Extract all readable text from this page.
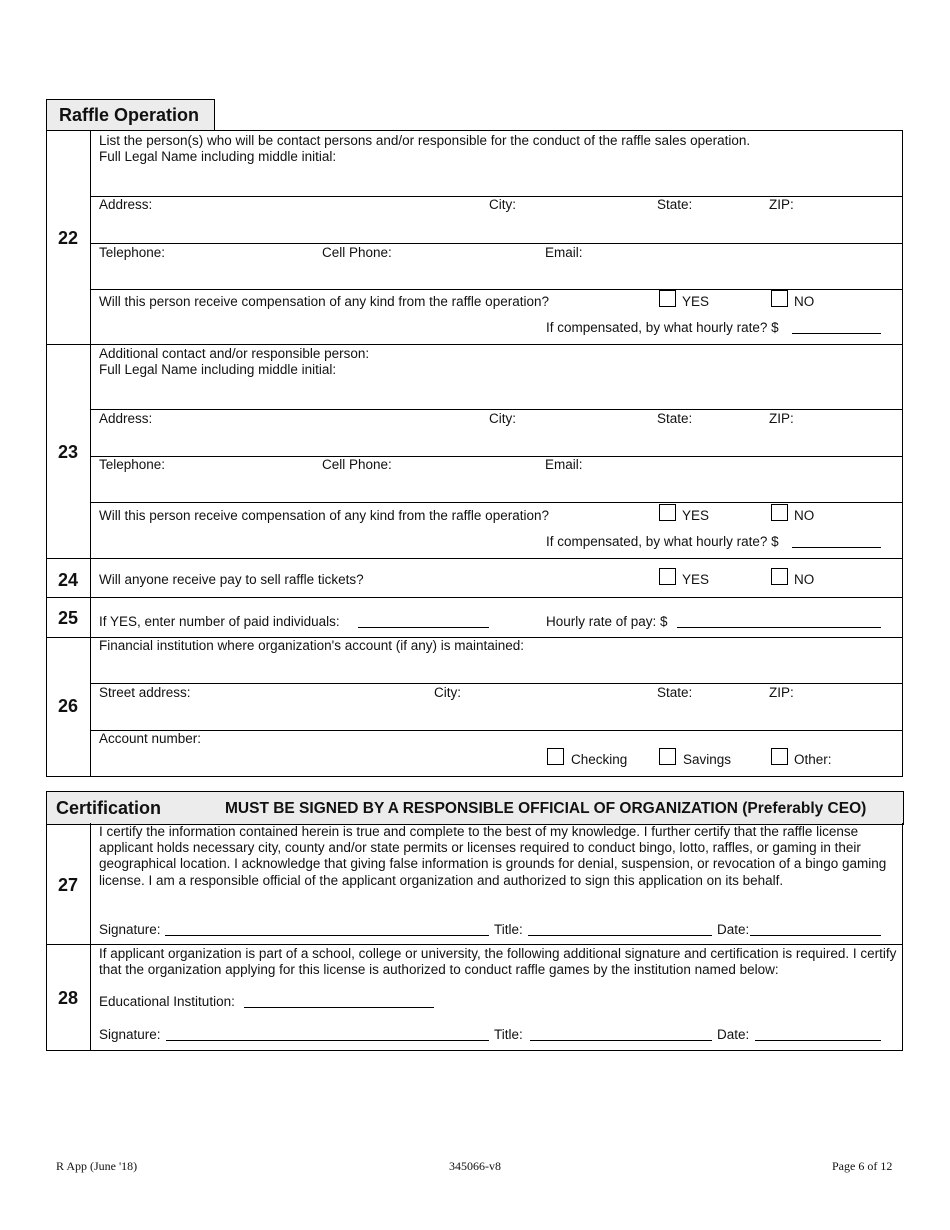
Raffle Operation
22
List the person(s) who will be contact persons and/or responsible for the conduct of the raffle sales operation.
Full Legal Name including middle initial:
Address:	City:	State:	ZIP:
Telephone:	Cell Phone:	Email:
Will this person receive compensation of any kind from the raffle operation?	YES	NO
If compensated, by what hourly rate? $
23
Additional contact and/or responsible person:
Full Legal Name including middle initial:
Address:	City:	State:	ZIP:
Telephone:	Cell Phone:	Email:
Will this person receive compensation of any kind from the raffle operation?	YES	NO
If compensated, by what hourly rate? $
24	Will anyone receive pay to sell raffle tickets?	YES	NO
25	If YES, enter number of paid individuals:	Hourly rate of pay: $
26
Financial institution where organization's account (if any) is maintained:
Street address:	City:	State:	ZIP:
Account number:
Checking	Savings	Other:
Certification	MUST BE SIGNED BY A RESPONSIBLE OFFICIAL OF ORGANIZATION (Preferably CEO)
27
I certify the information contained herein is true and complete to the best of my knowledge. I further certify that the raffle license applicant holds necessary city, county and/or state permits or licenses required to conduct bingo, lotto, raffles, or gaming in their geographical location. I acknowledge that giving false information is grounds for denial, suspension, or revocation of a bingo gaming license. I am a responsible official of the applicant organization and authorized to sign this application on its behalf.
Signature:	Title:	Date:
28
If applicant organization is part of a school, college or university, the following additional signature and certification is required. I certify that the organization applying for this license is authorized to conduct raffle games by the institution named below:
Educational Institution:
Signature:	Title:	Date:
R App (June '18)	345066-v8	Page 6 of 12
